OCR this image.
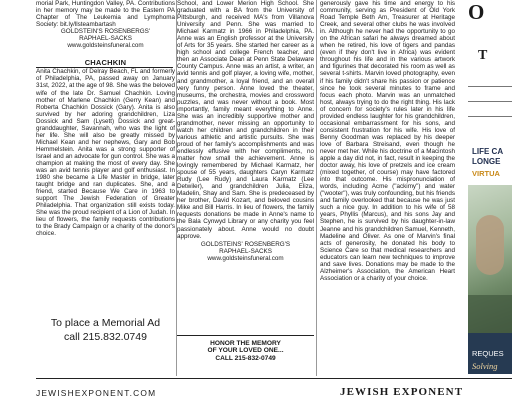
morial Park, Huntingdon Valley, PA. Contributions in her memory may be made to the Eastern PA Chapter of The Leukemia and Lymphoma Society: bit.ly/llsteambartash

GOLDSTEIN'S ROSENBERGS'

RAPHAEL-SACKS

www.goldsteinsfuneral.com

CHACHKIN

Anita Chachkin, of Delray Beach, FL and formerly of Philadelphia, PA, passed away on January 31st, 2022, at the age of 98. She was the beloved wife of the late Dr. Samuel Chachkin. Loving mother of Marlene Chachkin (Gerry Kean) and Roberta Chachkin Dossick (Gary). Anita is also survived by her adoring grandchildren, Liza Dossick and Sam (Lysett) Dossick and great-granddaughter, Savannah, who was the light of her life. She will also be greatly missed by Michael Kean and her nephews, Gary and Bob Hemmelstein. Anita was a strong supporter of Israel and an advocate for gun control. She was a champion at making the most of every day. She was an avid tennis player and golf enthusiast. In 1980 she became a Life Master in bridge, later taught bridge and ran duplicates. She, and a friend, started Because We Care in 1963 to support The Jewish Federation of Greater Philadelphia. That organization still exists today. She was the proud recipient of a Lion of Judah. In lieu of flowers, the family requests contributions to the Brady Campaign or a charity of the donor's choice.

To place a Memorial Ad
call 215.832.0749

School, and Lower Merion High School. She graduated with a BA from the University of Pittsburgh, and received MA's from Villanova University and Penn. She was married to Michael Karmatz in 1966 in Philadelphia, PA. Anne was an English professor at the University of Arts for 35 years. She started her career as a high school and college French teacher, and then an Associate Dean at Penn State Delaware County Campus. Anne was an artist, a writer, an avid tennis and golf player, a loving wife, mother, and grandmother, a loyal friend, and an overall very funny person. Anne loved the theater, museums, the orchestra, movies and crossword puzzles, and was never without a book. Most importantly, family meant everything to Anne. She was an incredibly supportive mother and grandmother, never missing an opportunity to watch her children and grandchildren in their various athletic and artistic pursuits. She was proud of her family's accomplishments and was endlessly effusive with her compliments, no matter how small the achievement. Anne is lovingly remembered by Michael Karmatz, her spouse of 55 years, daughters Caryn Karmatz Rudy (Lee Rudy) and Laura Karmatz (Lee Detwiler), and grandchildren Julia, Eliza, Madelin, Shay and Sam. She is predeceased by her brother, David Kozart, and beloved cousins Mike and Bill Harris. In lieu of flowers, the family requests donations be made in Anne's name to the Bala Cynwyd Library or any charity you feel passionately about. Anne would no doubt approve.

GOLDSTEINS' ROSENBERG'S

RAPHAEL-SACKS

www.goldsteinsfuneral.com

HONOR THE MEMORY
OF YOUR LOVED ONE...
CALL 215-832-0749

generously gave his time and energy to his community, serving as President of Old York Road Temple Beth Am, Treasurer at Heritage Creek, and several other clubs he was involved in. Although he never had the opportunity to go on the African safari he always dreamed about when he retired, his love of tigers and pandas (even if they don't live in Africa) was evident throughout his life and in the various artwork and figurines that decorated his room as well as several t-shirts. Marvin loved photography, even if his family didn't share his passion or patience since he took several minutes to frame and focus each photo. Marvin was an unmatched host, always trying to do the right thing. His lack of concern for society's rules later in his life provided endless laughter for his grandchildren, occasional embarrassment for his sons, and consistent frustration for his wife. His love of Benny Goodman was replaced by his deeper love of Barbara Streisand, even though he never met her. While his doctrine of a Macintosh apple a day did not, in fact, result in keeping the doctor away, his love of pretzels and ice cream (mixed together, of course) may have factored into that outcome. His mispronunciation of words, including Acme ("ackimy") and water ("wooter"), was truly confounding, but his friends and family overlooked that because he was just such a nice guy. In addition to his wife of 58 years, Phyllis (Marcus), and his sons Jay and Stephen, he is survived by his daughter-in-law Jeanne and his grandchildren Samuel, Kenneth, Madeline and Oliver. As one of Marvin's final acts of generosity, he donated his body to Science Care so that medical researchers and educators can learn new techniques to improve and save lives. Donations may be made to the Alzheimer's Association, the American Heart Association or a charity of your choice.

O
T
LIFE CA
LONGE
VIRTUA
REQUES
Solving
JEWISHEXPONENT.COM	JEWISH EXPONENT
